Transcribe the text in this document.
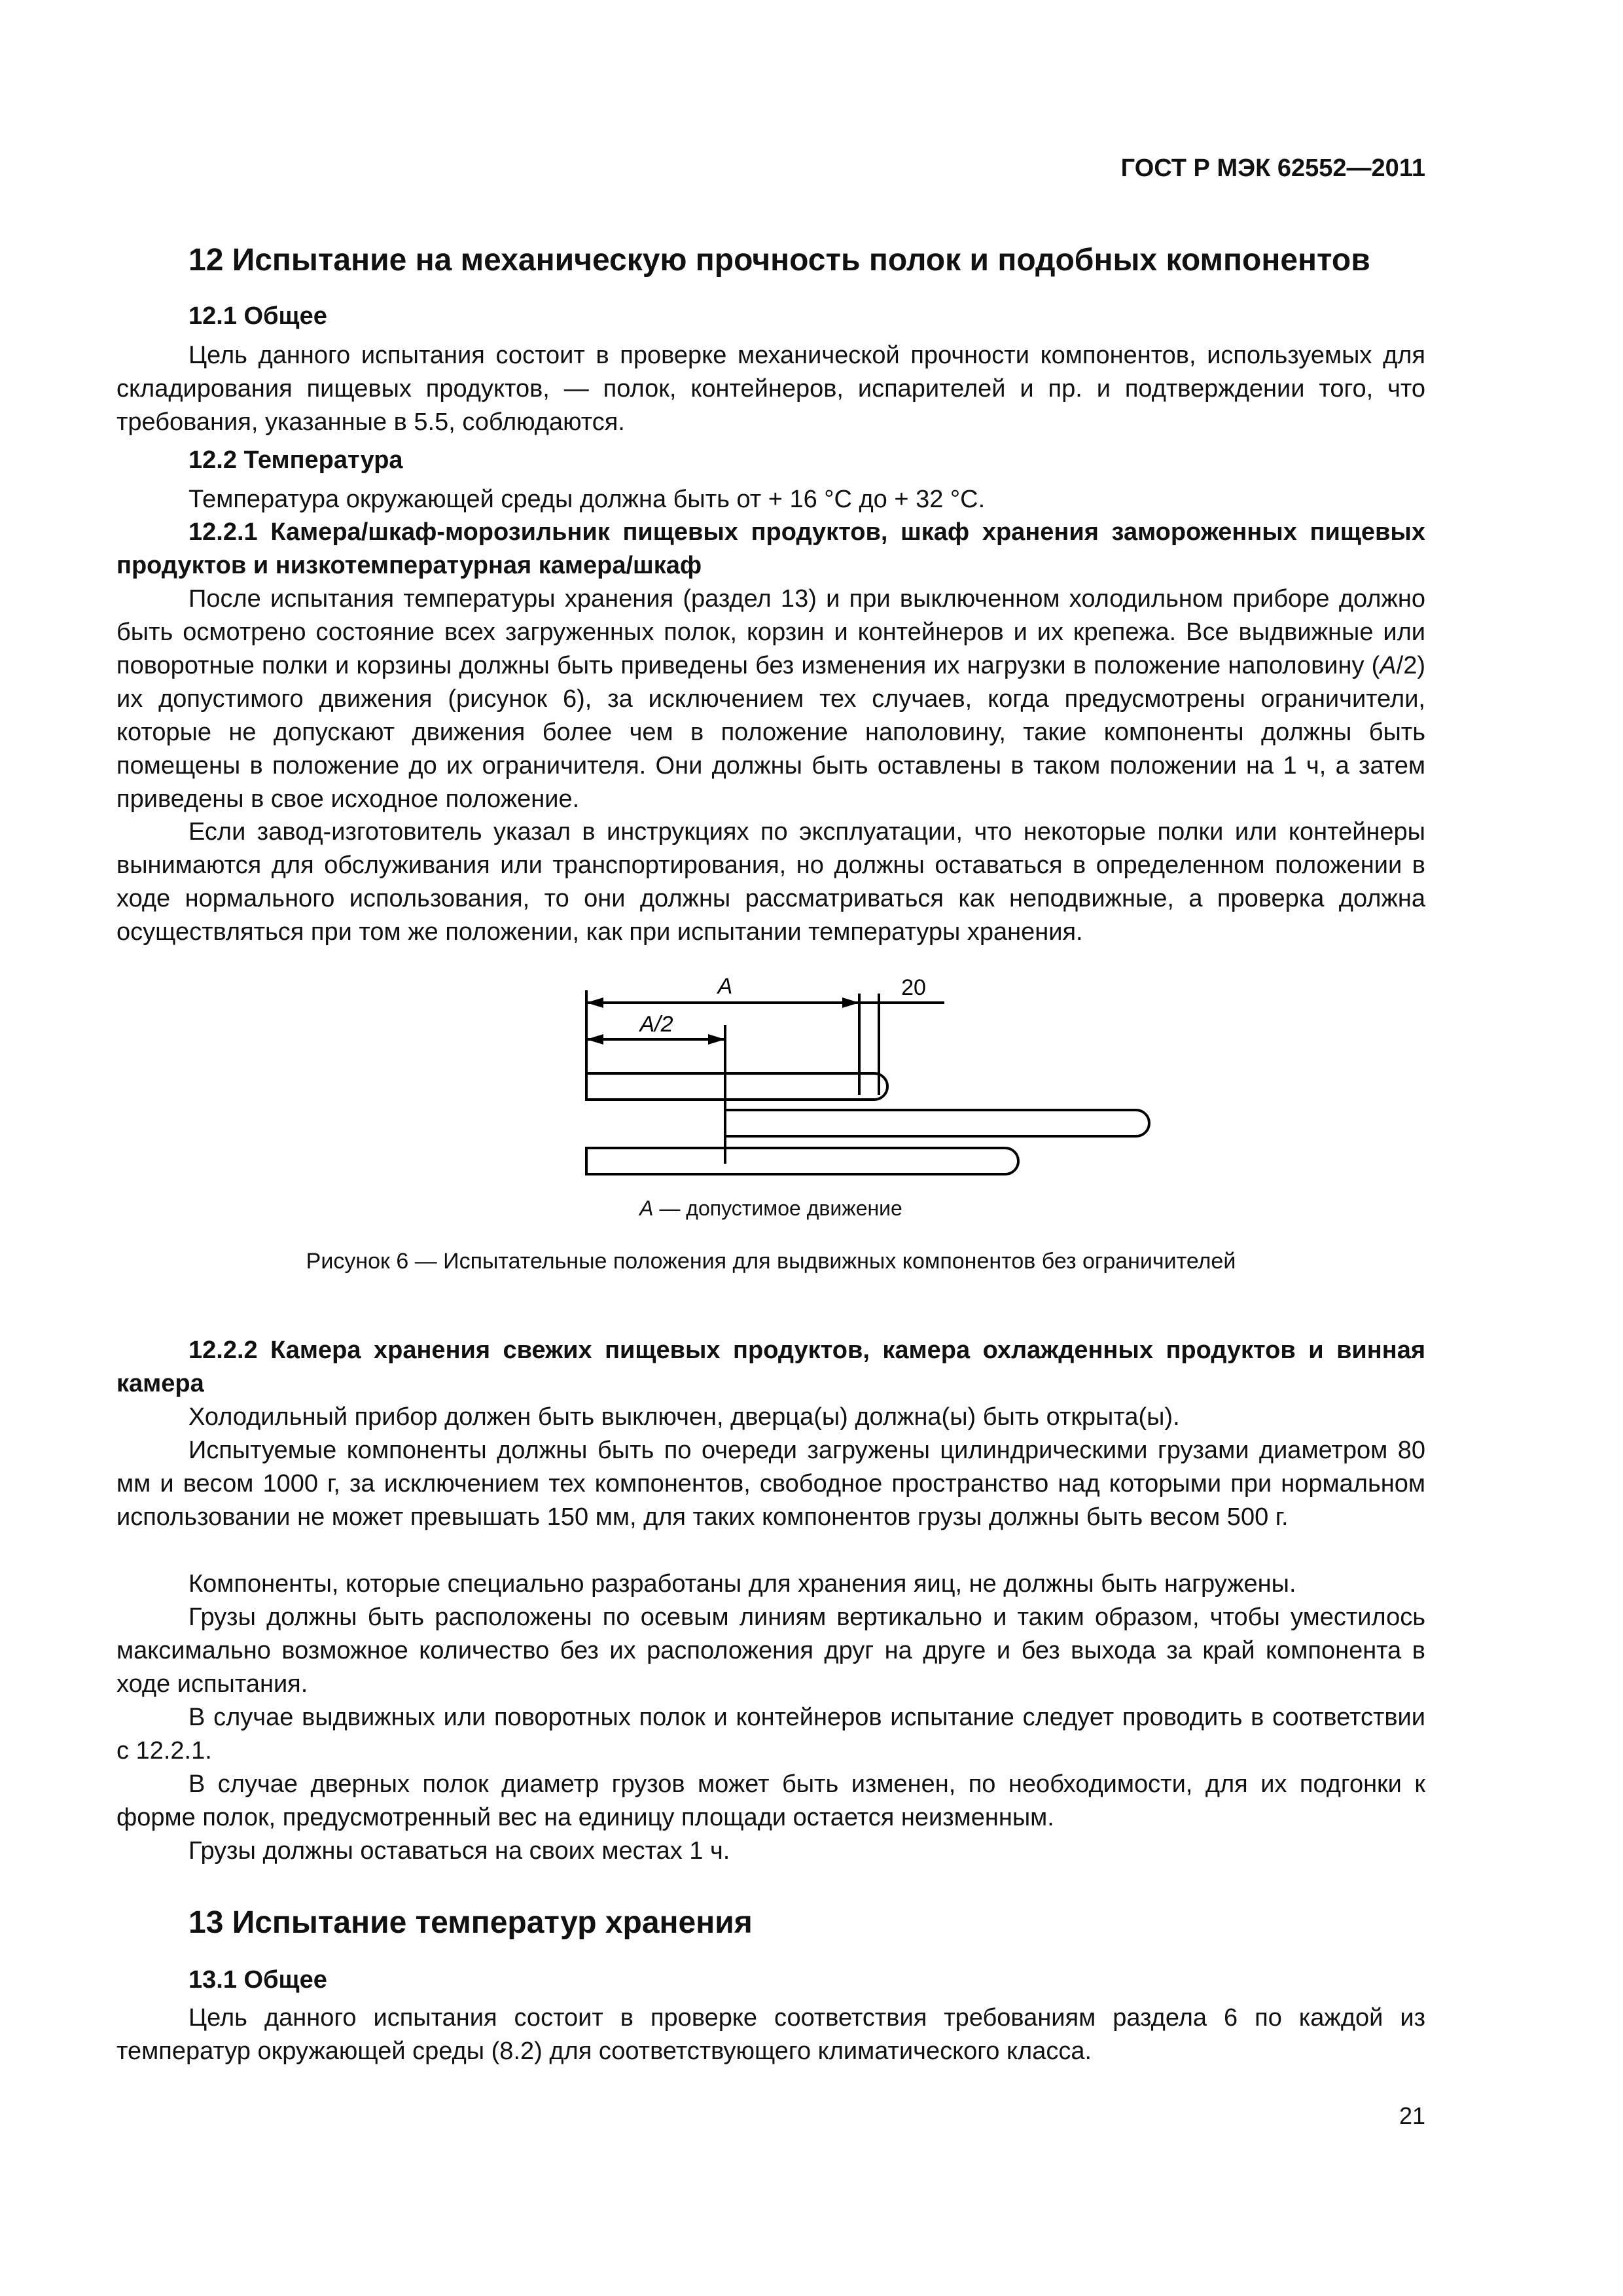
ГОСТ Р МЭК 62552—2011
12 Испытание на механическую прочность полок и подобных компонентов
12.1 Общее

Цель данного испытания состоит в проверке механической прочности компонентов, используемых для складирования пищевых продуктов, — полок, контейнеров, испарителей и пр. и подтверждении того, что требования, указанные в 5.5, соблюдаются.

12.2 Температура

Температура окружающей среды должна быть от + 16 °С до + 32 °С.

12.2.1 Камера/шкаф-морозильник пищевых продуктов, шкаф хранения замороженных пищевых продуктов и низкотемпературная камера/шкаф

После испытания температуры хранения (раздел 13) и при выключенном холодильном приборе должно быть осмотрено состояние всех загруженных полок, корзин и контейнеров и их крепежа. Все выдвижные или поворотные полки и корзины должны быть приведены без изменения их нагрузки в положение наполовину (A/2) их допустимого движения (рисунок 6), за исключением тех случаев, когда предусмотрены ограничители, которые не допускают движения более чем в положение наполовину, такие компоненты должны быть помещены в положение до их ограничителя. Они должны быть оставлены в таком положении на 1 ч, а затем приведены в свое исходное положение.

Если завод-изготовитель указал в инструкциях по эксплуатации, что некоторые полки или контейнеры вынимаются для обслуживания или транспортирования, но должны оставаться в определенном положении в ходе нормального использования, то они должны рассматриваться как неподвижные, а проверка должна осуществляться при том же положении, как при испытании температуры хранения.

A
A/2
20
A — допустимое движение
Рисунок 6 — Испытательные положения для выдвижных компонентов без ограничителей

12.2.2 Камера хранения свежих пищевых продуктов, камера охлажденных продуктов и винная камера

Холодильный прибор должен быть выключен, дверца(ы) должна(ы) быть открыта(ы).

Испытуемые компоненты должны быть по очереди загружены цилиндрическими грузами диаметром 80 мм и весом 1000 г, за исключением тех компонентов, свободное пространство над которыми при нормальном использовании не может превышать 150 мм, для таких компонентов грузы должны быть весом 500 г.

Компоненты, которые специально разработаны для хранения яиц, не должны быть нагружены.

Грузы должны быть расположены по осевым линиям вертикально и таким образом, чтобы уместилось максимально возможное количество без их расположения друг на друге и без выхода за край компонента в ходе испытания.

В случае выдвижных или поворотных полок и контейнеров испытание следует проводить в соответствии с 12.2.1.

В случае дверных полок диаметр грузов может быть изменен, по необходимости, для их подгонки к форме полок, предусмотренный вес на единицу площади остается неизменным.

Грузы должны оставаться на своих местах 1 ч.

13 Испытание температур хранения
13.1 Общее

Цель данного испытания состоит в проверке соответствия требованиям раздела 6 по каждой из температур окружающей среды (8.2) для соответствующего климатического класса.

21
